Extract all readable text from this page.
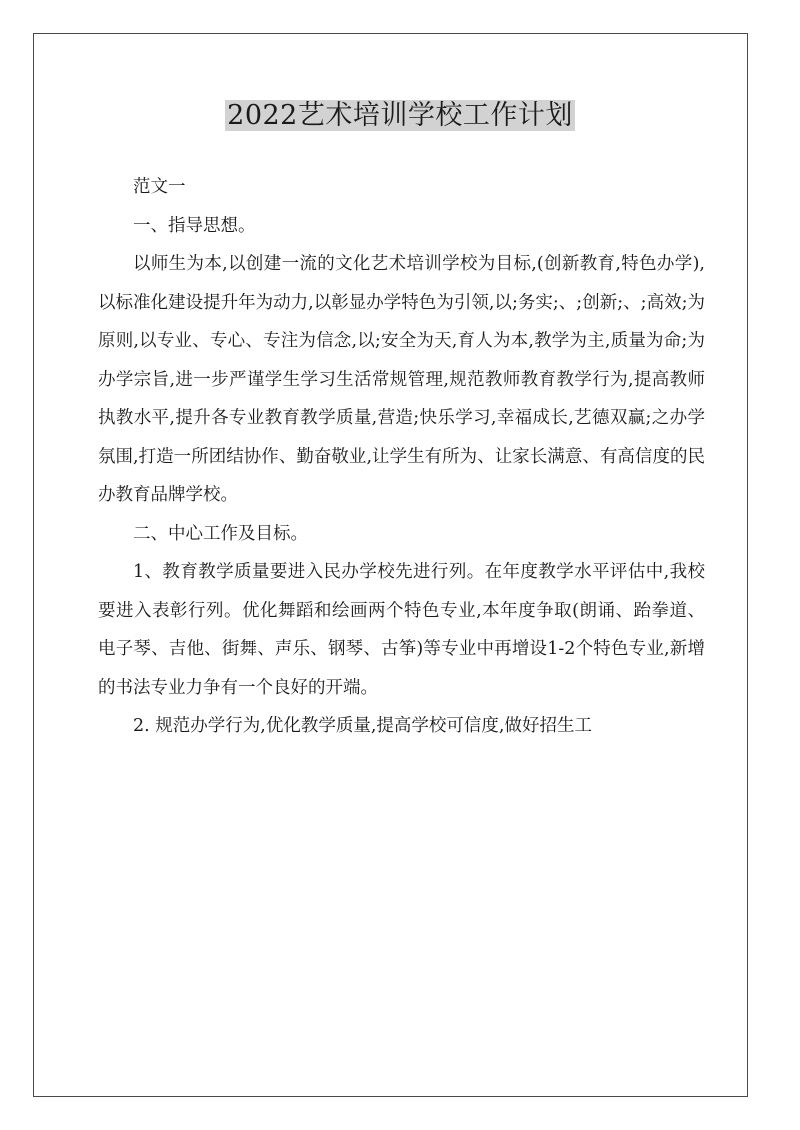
2022艺术培训学校工作计划

范文一

一、指导思想。

以师生为本,以创建一流的文化艺术培训学校为目标,(创新教育,特色办学),以标准化建设提升年为动力,以彰显办学特色为引领,以;务实;、;创新;、;高效;为原则,以专业、专心、专注为信念,以;安全为天,育人为本,教学为主,质量为命;为办学宗旨,进一步严谨学生学习生活常规管理,规范教师教育教学行为,提高教师执教水平,提升各专业教育教学质量,营造;快乐学习,幸福成长,艺德双赢;之办学氛围,打造一所团结协作、勤奋敬业,让学生有所为、让家长满意、有高信度的民办教育品牌学校。

二、中心工作及目标。

1、教育教学质量要进入民办学校先进行列。在年度教学水平评估中,我校要进入表彰行列。优化舞蹈和绘画两个特色专业,本年度争取(朗诵、跆拳道、电子琴、吉他、街舞、声乐、钢琴、古筝)等专业中再增设1-2个特色专业,新增的书法专业力争有一个良好的开端。

2. 规范办学行为,优化教学质量,提高学校可信度,做好招生工
